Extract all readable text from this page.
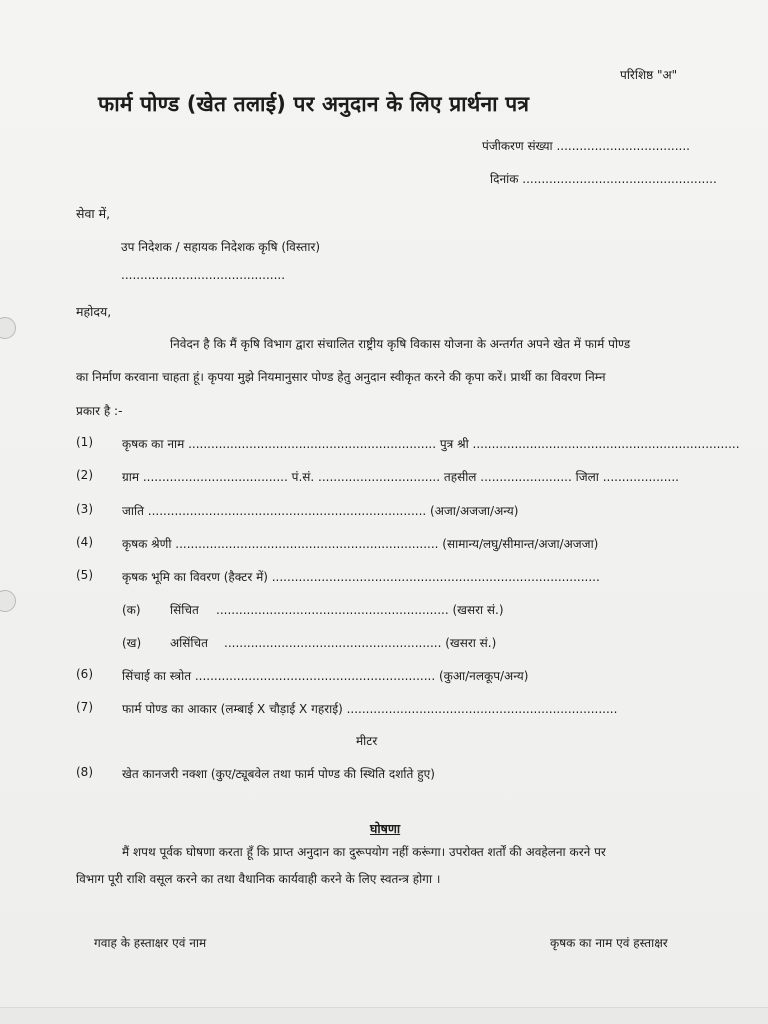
परिशिष्ठ "अ"
फार्म पोण्ड (खेत तलाई) पर अनुदान के लिए प्रार्थना पत्र
पंजीकरण संख्या ...................................
दिनांक ...................................................
सेवा में,
उप निदेशक / सहायक निदेशक कृषि (विस्तार)
...........................................
महोदय,
निवेदन है कि मैं कृषि विभाग द्वारा संचालित राष्ट्रीय कृषि विकास योजना के अन्तर्गत अपने खेत में फार्म पोण्ड
का निर्माण करवाना चाहता हूं। कृपया मुझे नियमानुसार पोण्ड हेतु अनुदान स्वीकृत करने की कृपा करें। प्रार्थी का विवरण निम्न
प्रकार है :-
(1) कृषक का नाम ................................................................. पुत्र श्री ......................................................................
(2) ग्राम ...................................... पं.सं. ................................ तहसील ........................ जिला ....................
(3) जाति ......................................................................... (अजा/अजजा/अन्य)
(4) कृषक श्रेणी ..................................................................... (सामान्य/लघु/सीमान्त/अजा/अजजा)
(5) कृषक भूमि का विवरण (हैक्टर में) ......................................................................................
(क) सिंचित ............................................................. (खसरा सं.)
(ख) असिंचित ......................................................... (खसरा सं.)
(6) सिंचाई का स्त्रोत ............................................................... (कुआ/नलकूप/अन्य)
(7) फार्म पोण्ड का आकार (लम्बाई X चौड़ाई X गहराई) .......................................................................
मीटर
(8) खेत कानजरी नक्शा (कुए/ट्यूबवेल तथा फार्म पोण्ड की स्थिति दर्शाते हुए)
घोषणा
मैं शपथ पूर्वक घोषणा करता हूँ कि प्राप्त अनुदान का दुरूपयोग नहीं करूंगा। उपरोक्त शर्तों की अवहेलना करने पर
विभाग पूरी राशि वसूल करने का तथा वैधानिक कार्यवाही करने के लिए स्वतन्त्र होगा ।
गवाह के हस्ताक्षर एवं नाम	कृषक का नाम एवं हस्ताक्षर
